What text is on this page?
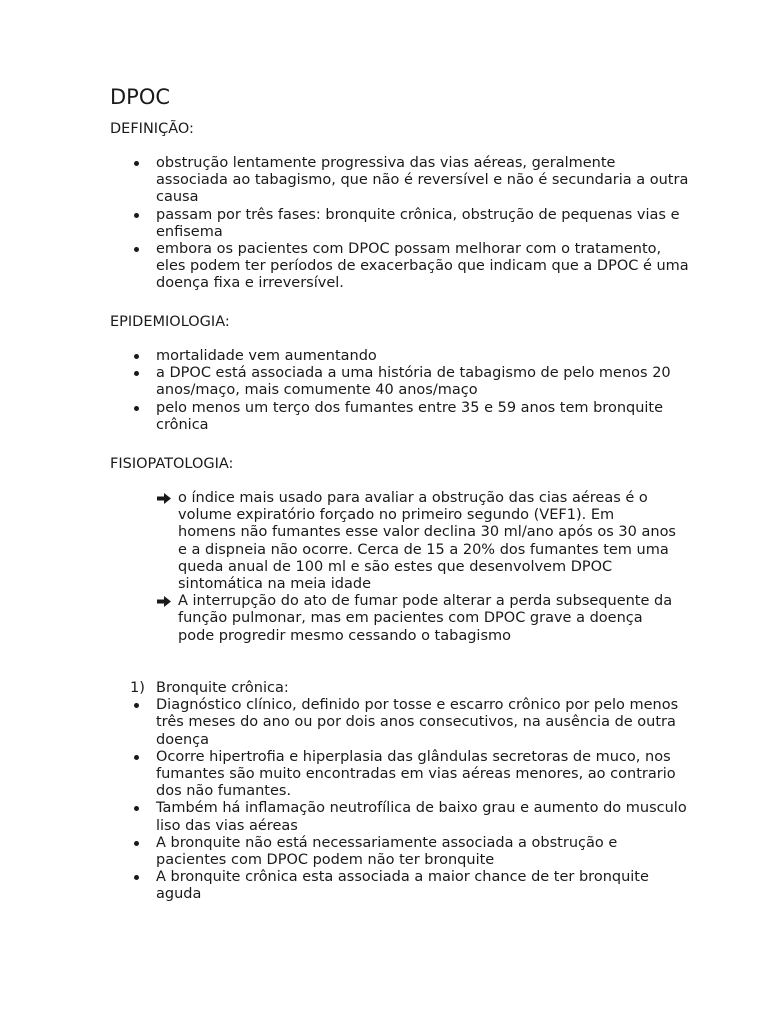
DPOC

DEFINIÇÃO:

obstrução lentamente progressiva das vias aéreas, geralmente associada ao tabagismo, que não é reversível e não é secundaria a outra causa
passam por três fases: bronquite crônica, obstrução de pequenas vias e enfisema
embora os pacientes com DPOC possam melhorar com o tratamento, eles podem ter períodos de exacerbação que indicam que a DPOC é uma doença fixa e irreversível.

EPIDEMIOLOGIA:

mortalidade vem aumentando
a DPOC está associada a uma história de tabagismo de pelo menos 20 anos/maço, mais comumente 40 anos/maço
pelo menos um terço dos fumantes entre 35 e 59 anos tem bronquite crônica

FISIOPATOLOGIA:

o índice mais usado para avaliar a obstrução das cias aéreas é o volume expiratório forçado no primeiro segundo (VEF1). Em homens não fumantes esse valor declina 30 ml/ano após os 30 anos e a dispneia não ocorre. Cerca de 15 a 20% dos fumantes tem uma queda anual de 100 ml e são estes que desenvolvem DPOC sintomática na meia idade
A interrupção do ato de fumar pode alterar a perda subsequente da função pulmonar, mas em pacientes com DPOC grave a doença pode progredir mesmo cessando o tabagismo
1) Bronquite crônica:
Diagnóstico clínico, definido por tosse e escarro crônico por pelo menos três meses do ano ou por dois anos consecutivos, na ausência de outra doença
Ocorre hipertrofia e hiperplasia das glândulas secretoras de muco, nos fumantes são muito encontradas em vias aéreas menores, ao contrario dos não fumantes.
Também há inflamação neutrofílica de baixo grau e aumento do musculo liso das vias aéreas
A bronquite não está necessariamente associada a obstrução e pacientes com DPOC podem não ter bronquite
A bronquite crônica esta associada a maior chance de ter bronquite aguda
